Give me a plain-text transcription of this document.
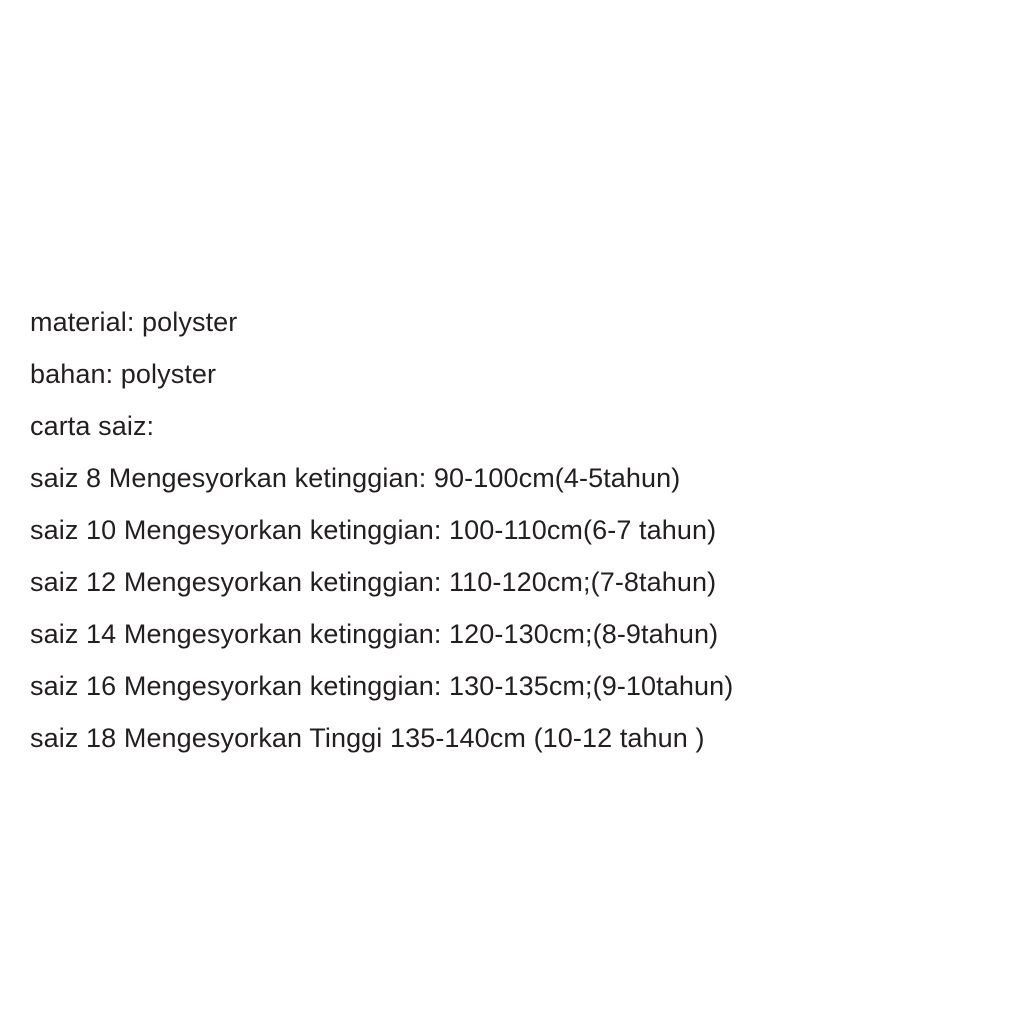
material: polyster
bahan: polyster
carta saiz:
saiz 8 Mengesyorkan ketinggian: 90-100cm(4-5tahun)
saiz 10 Mengesyorkan ketinggian: 100-110cm(6-7 tahun)
saiz 12 Mengesyorkan ketinggian: 110-120cm;(7-8tahun)
saiz 14 Mengesyorkan ketinggian: 120-130cm;(8-9tahun)
saiz 16 Mengesyorkan ketinggian: 130-135cm;(9-10tahun)
saiz 18 Mengesyorkan Tinggi 135-140cm (10-12 tahun )
